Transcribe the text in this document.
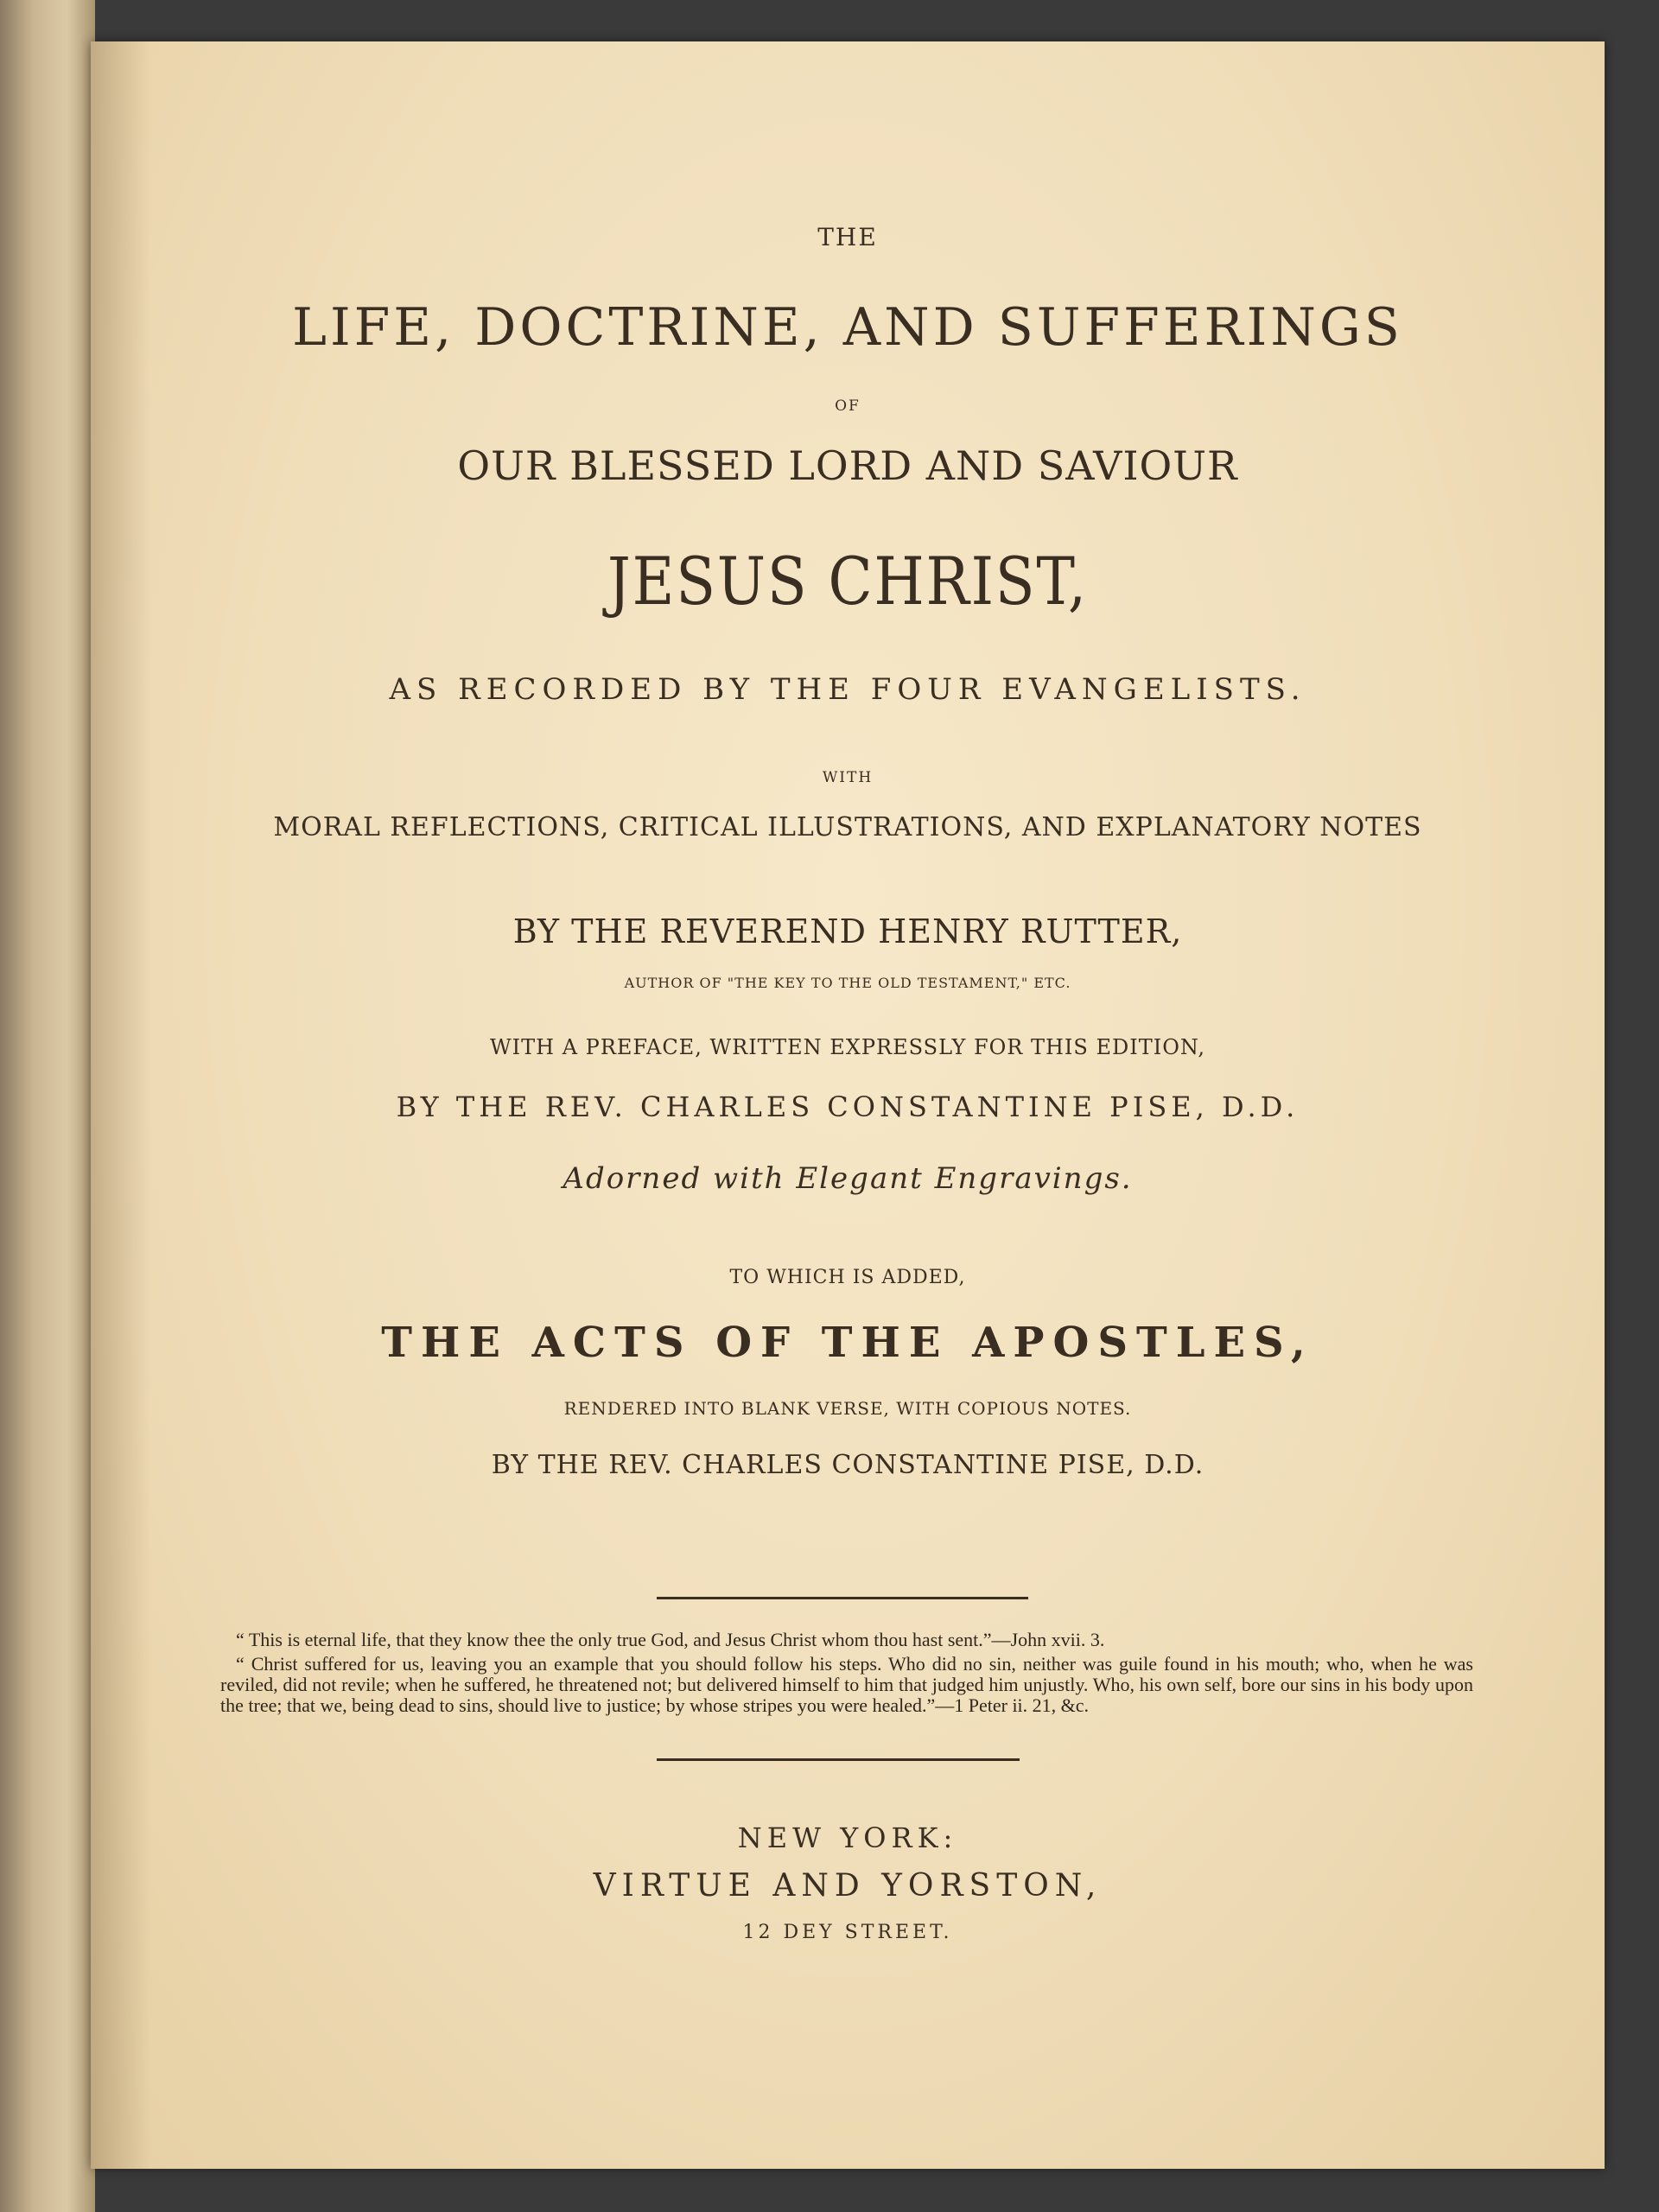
THE
LIFE, DOCTRINE, AND SUFFERINGS
OF
OUR BLESSED LORD AND SAVIOUR
JESUS CHRIST,
AS RECORDED BY THE FOUR EVANGELISTS.
WITH
MORAL REFLECTIONS, CRITICAL ILLUSTRATIONS, AND EXPLANATORY NOTES
BY THE REVEREND HENRY RUTTER,
AUTHOR OF "THE KEY TO THE OLD TESTAMENT," ETC.
WITH A PREFACE, WRITTEN EXPRESSLY FOR THIS EDITION,
BY THE REV. CHARLES CONSTANTINE PISE, D.D.
Adorned with Elegant Engravings.
TO WHICH IS ADDED,
THE ACTS OF THE APOSTLES,
RENDERED INTO BLANK VERSE, WITH COPIOUS NOTES.
BY THE REV. CHARLES CONSTANTINE PISE, D.D.
“ This is eternal life, that they know thee the only true God, and Jesus Christ whom thou hast sent.”—John xvii. 3.
“ Christ suffered for us, leaving you an example that you should follow his steps. Who did no sin, neither was guile found in his mouth; who, when he was reviled, did not revile; when he suffered, he threatened not; but delivered himself to him that judged him unjustly. Who, his own self, bore our sins in his body upon the tree; that we, being dead to sins, should live to justice; by whose stripes you were healed.”—1 Peter ii. 21, &c.
NEW YORK:
VIRTUE AND YORSTON,
12 DEY STREET.
